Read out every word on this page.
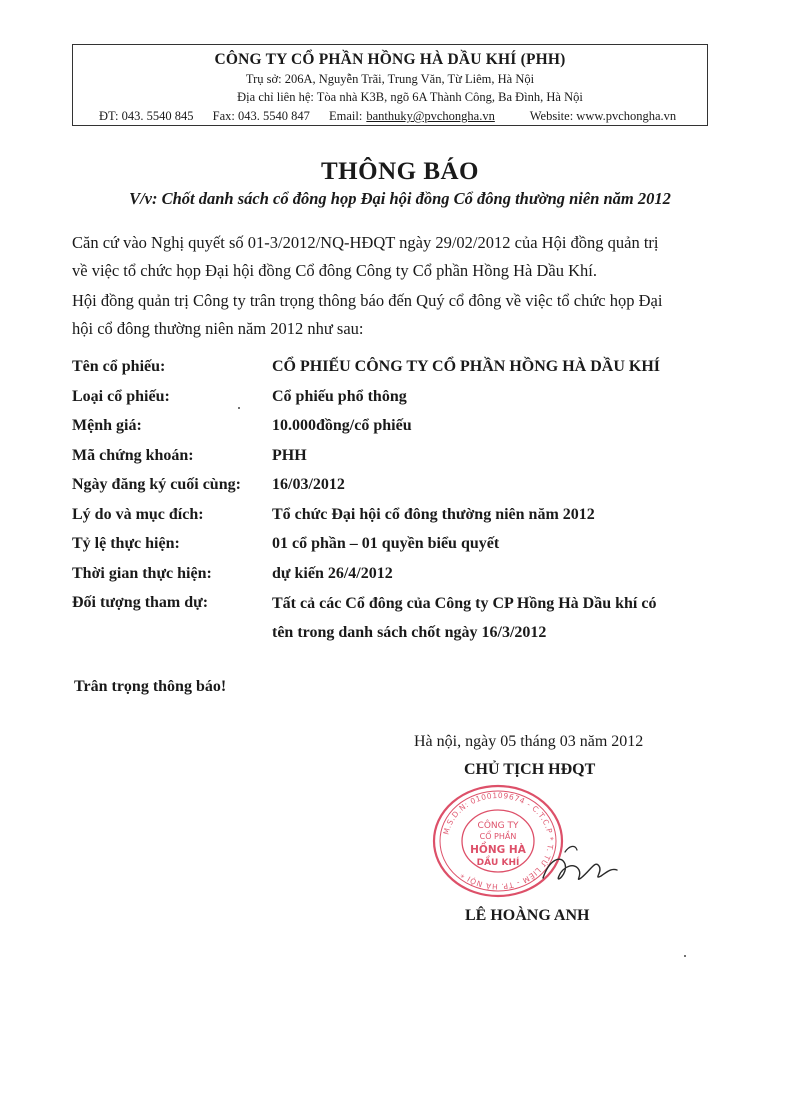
CÔNG TY CỔ PHẦN HỒNG HÀ DẦU KHÍ (PHH)
Trụ sở: 206A, Nguyễn Trãi, Trung Văn, Từ Liêm, Hà Nội
Địa chỉ liên hệ: Tòa nhà K3B, ngõ 6A Thành Công, Ba Đình, Hà Nội
ĐT: 043. 5540 845 Fax: 043. 5540 847 Email: banthuky@pvchongha.vn	Website: www.pvchongha.vn
THÔNG BÁO
V/v: Chốt danh sách cổ đông họp Đại hội đồng Cổ đông thường niên năm 2012
Căn cứ vào Nghị quyết số 01-3/2012/NQ-HĐQT ngày 29/02/2012 của Hội đồng quản trị
về việc tổ chức họp Đại hội đồng Cổ đông Công ty Cổ phần Hồng Hà Dầu Khí.
Hội đồng quản trị Công ty trân trọng thông báo đến Quý cổ đông về việc tổ chức họp Đại
hội cổ đông thường niên năm 2012 như sau:
Tên cổ phiếu:	CỔ PHIẾU CÔNG TY CỔ PHẦN HỒNG HÀ DẦU KHÍ
Loại cổ phiếu:	Cổ phiếu phổ thông
Mệnh giá:	10.000đồng/cổ phiếu
Mã chứng khoán:	PHH
Ngày đăng ký cuối cùng:	16/03/2012
Lý do và mục đích:	Tổ chức Đại hội cổ đông thường niên năm 2012
Tỷ lệ thực hiện:	01 cổ phần – 01 quyền biểu quyết
Thời gian thực hiện:	dự kiến 26/4/2012
Đối tượng tham dự:	Tất cả các Cổ đông của Công ty CP Hồng Hà Dầu khí có
tên trong danh sách chốt ngày 16/3/2012
Trân trọng thông báo!
Hà nội, ngày 05 tháng 03 năm 2012
CHỦ TỊCH HĐQT
M.S.D.N: 0100109674 - C.T.C.P * T. TỪ LIÊM - TP. HÀ NỘI *
CÔNG TY
CỔ PHẦN
HỒNG HÀ
DẦU KHÍ
LÊ HOÀNG ANH
